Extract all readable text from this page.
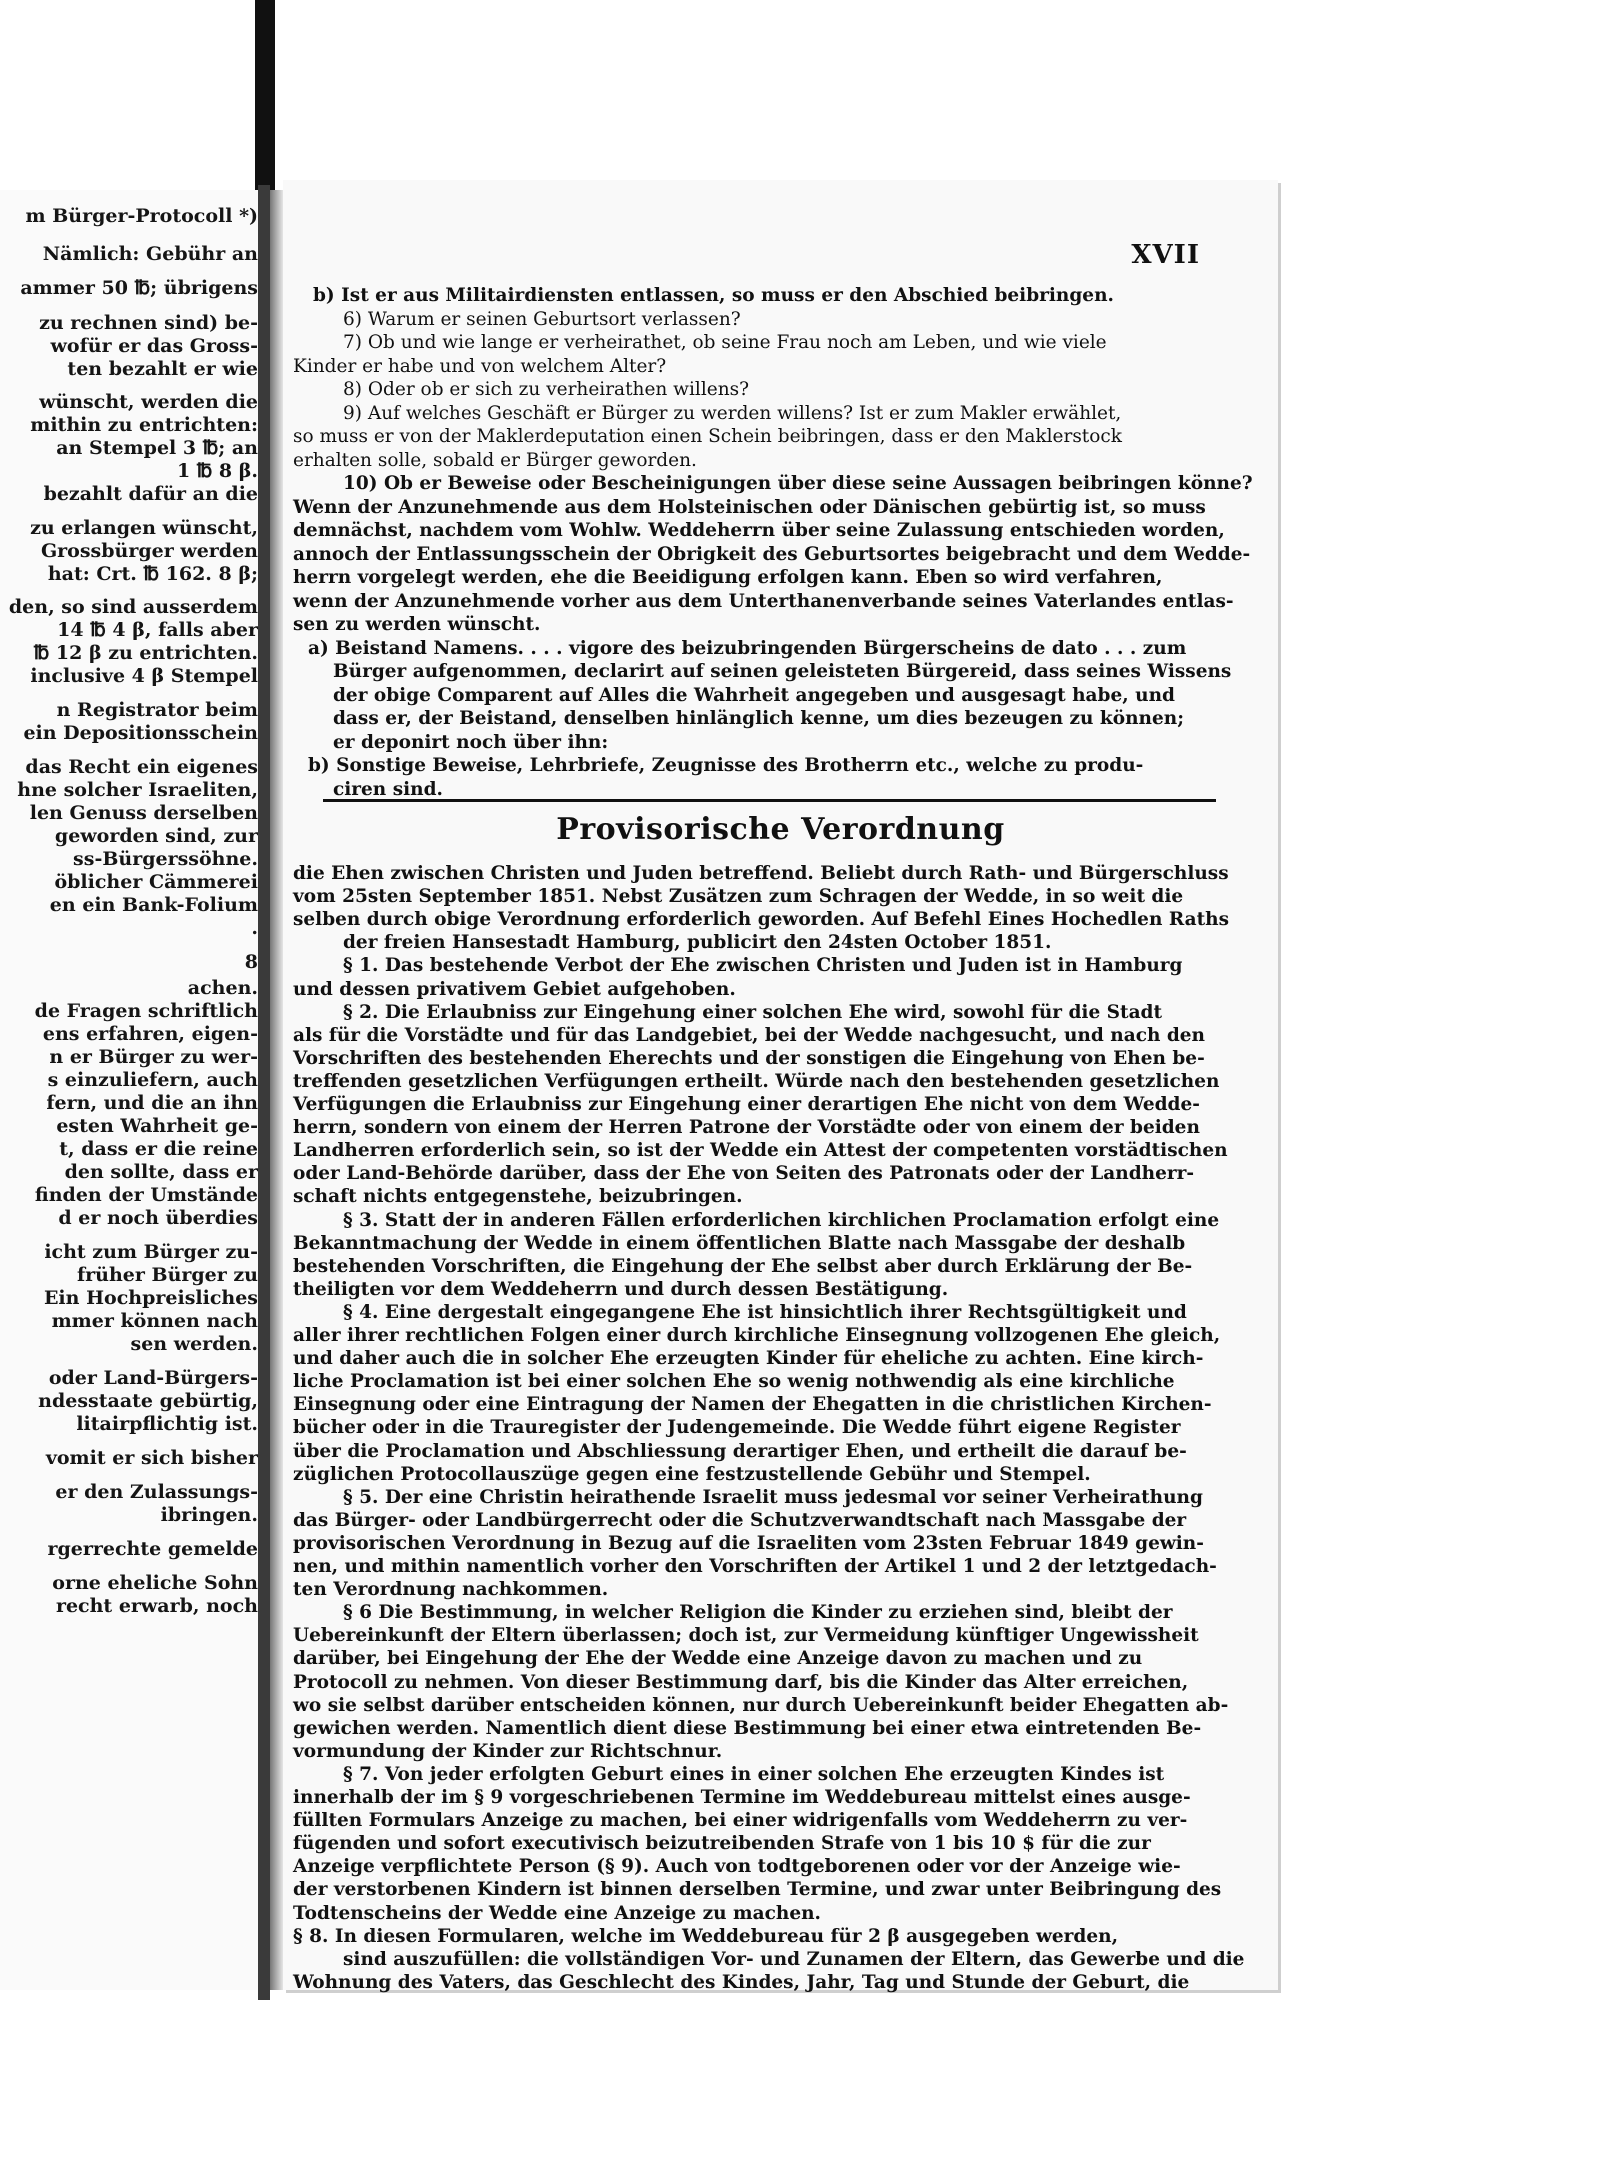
m Bürger-Protocoll *)
Nämlich: Gebühr an
ammer 50 ℔; übrigens
zu rechnen sind) be-
wofür er das Gross-
ten bezahlt er wie
wünscht, werden die
mithin zu entrichten:
an Stempel 3 ℔; an
1 ℔ 8 β.
bezahlt dafür an die
zu erlangen wünscht,
Grossbürger werden
hat: Crt. ℔ 162. 8 β;
den, so sind ausserdem
14 ℔ 4 β, falls aber
℔ 12 β zu entrichten.
inclusive 4 β Stempel
n Registrator beim
ein Depositionsschein
das Recht ein eigenes
hne solcher Israeliten,
len Genuss derselben
geworden sind, zur
ss-Bürgerssöhne.
öblicher Cämmerei
en ein Bank-Folium
.
8
achen.
de Fragen schriftlich
ens erfahren, eigen-
n er Bürger zu wer-
s einzuliefern, auch
fern, und die an ihn
esten Wahrheit ge-
t, dass er die reine
den sollte, dass er
finden der Umstände
d er noch überdies
icht zum Bürger zu-
früher Bürger zu
Ein Hochpreisliches
mmer können nach
sen werden.
oder Land-Bürgers-
ndesstaate gebürtig,
litairpflichtig ist.
vomit er sich bisher
er den Zulassungs-
ibringen.
rgerrechte gemelde
orne eheliche Sohn
recht erwarb, noch
XVII
b) Ist er aus Militairdiensten entlassen, so muss er den Abschied beibringen.
6) Warum er seinen Geburtsort verlassen?
7) Ob und wie lange er verheirathet, ob seine Frau noch am Leben, und wie viele
Kinder er habe und von welchem Alter?
8) Oder ob er sich zu verheirathen willens?
9) Auf welches Geschäft er Bürger zu werden willens? Ist er zum Makler erwählet,
so muss er von der Maklerdeputation einen Schein beibringen, dass er den Maklerstock
erhalten solle, sobald er Bürger geworden.
10) Ob er Beweise oder Bescheinigungen über diese seine Aussagen beibringen könne?
Wenn der Anzunehmende aus dem Holsteinischen oder Dänischen gebürtig ist, so muss
demnächst, nachdem vom Wohlw. Weddeherrn über seine Zulassung entschieden worden,
annoch der Entlassungsschein der Obrigkeit des Geburtsortes beigebracht und dem Wedde-
herrn vorgelegt werden, ehe die Beeidigung erfolgen kann. Eben so wird verfahren,
wenn der Anzunehmende vorher aus dem Unterthanenverbande seines Vaterlandes entlas-
sen zu werden wünscht.
a) Beistand Namens. . . . vigore des beizubringenden Bürgerscheins de dato . . . zum
Bürger aufgenommen, declarirt auf seinen geleisteten Bürgereid, dass seines Wissens
der obige Comparent auf Alles die Wahrheit angegeben und ausgesagt habe, und
dass er, der Beistand, denselben hinlänglich kenne, um dies bezeugen zu können;
er deponirt noch über ihn:
b) Sonstige Beweise, Lehrbriefe, Zeugnisse des Brotherrn etc., welche zu produ-
ciren sind.
Provisorische Verordnung
die Ehen zwischen Christen und Juden betreffend. Beliebt durch Rath- und Bürgerschluss
vom 25sten September 1851. Nebst Zusätzen zum Schragen der Wedde, in so weit die
selben durch obige Verordnung erforderlich geworden. Auf Befehl Eines Hochedlen Raths
der freien Hansestadt Hamburg, publicirt den 24sten October 1851.
§ 1. Das bestehende Verbot der Ehe zwischen Christen und Juden ist in Hamburg
und dessen privativem Gebiet aufgehoben.
§ 2. Die Erlaubniss zur Eingehung einer solchen Ehe wird, sowohl für die Stadt
als für die Vorstädte und für das Landgebiet, bei der Wedde nachgesucht, und nach den
Vorschriften des bestehenden Eherechts und der sonstigen die Eingehung von Ehen be-
treffenden gesetzlichen Verfügungen ertheilt. Würde nach den bestehenden gesetzlichen
Verfügungen die Erlaubniss zur Eingehung einer derartigen Ehe nicht von dem Wedde-
herrn, sondern von einem der Herren Patrone der Vorstädte oder von einem der beiden
Landherren erforderlich sein, so ist der Wedde ein Attest der competenten vorstädtischen
oder Land-Behörde darüber, dass der Ehe von Seiten des Patronats oder der Landherr-
schaft nichts entgegenstehe, beizubringen.
§ 3. Statt der in anderen Fällen erforderlichen kirchlichen Proclamation erfolgt eine
Bekanntmachung der Wedde in einem öffentlichen Blatte nach Massgabe der deshalb
bestehenden Vorschriften, die Eingehung der Ehe selbst aber durch Erklärung der Be-
theiligten vor dem Weddeherrn und durch dessen Bestätigung.
§ 4. Eine dergestalt eingegangene Ehe ist hinsichtlich ihrer Rechtsgültigkeit und
aller ihrer rechtlichen Folgen einer durch kirchliche Einsegnung vollzogenen Ehe gleich,
und daher auch die in solcher Ehe erzeugten Kinder für eheliche zu achten. Eine kirch-
liche Proclamation ist bei einer solchen Ehe so wenig nothwendig als eine kirchliche
Einsegnung oder eine Eintragung der Namen der Ehegatten in die christlichen Kirchen-
bücher oder in die Trauregister der Judengemeinde. Die Wedde führt eigene Register
über die Proclamation und Abschliessung derartiger Ehen, und ertheilt die darauf be-
züglichen Protocollauszüge gegen eine festzustellende Gebühr und Stempel.
§ 5. Der eine Christin heirathende Israelit muss jedesmal vor seiner Verheirathung
das Bürger- oder Landbürgerrecht oder die Schutzverwandtschaft nach Massgabe der
provisorischen Verordnung in Bezug auf die Israeliten vom 23sten Februar 1849 gewin-
nen, und mithin namentlich vorher den Vorschriften der Artikel 1 und 2 der letztgedach-
ten Verordnung nachkommen.
§ 6 Die Bestimmung, in welcher Religion die Kinder zu erziehen sind, bleibt der
Uebereinkunft der Eltern überlassen; doch ist, zur Vermeidung künftiger Ungewissheit
darüber, bei Eingehung der Ehe der Wedde eine Anzeige davon zu machen und zu
Protocoll zu nehmen. Von dieser Bestimmung darf, bis die Kinder das Alter erreichen,
wo sie selbst darüber entscheiden können, nur durch Uebereinkunft beider Ehegatten ab-
gewichen werden. Namentlich dient diese Bestimmung bei einer etwa eintretenden Be-
vormundung der Kinder zur Richtschnur.
§ 7. Von jeder erfolgten Geburt eines in einer solchen Ehe erzeugten Kindes ist
innerhalb der im § 9 vorgeschriebenen Termine im Weddebureau mittelst eines ausge-
füllten Formulars Anzeige zu machen, bei einer widrigenfalls vom Weddeherrn zu ver-
fügenden und sofort executivisch beizutreibenden Strafe von 1 bis 10 $ für die zur
Anzeige verpflichtete Person (§ 9). Auch von todtgeborenen oder vor der Anzeige wie-
der verstorbenen Kindern ist binnen derselben Termine, und zwar unter Beibringung des
Todtenscheins der Wedde eine Anzeige zu machen.
§ 8. In diesen Formularen, welche im Weddebureau für 2 β ausgegeben werden,
sind auszufüllen: die vollständigen Vor- und Zunamen der Eltern, das Gewerbe und die
Wohnung des Vaters, das Geschlecht des Kindes, Jahr, Tag und Stunde der Geburt, die
